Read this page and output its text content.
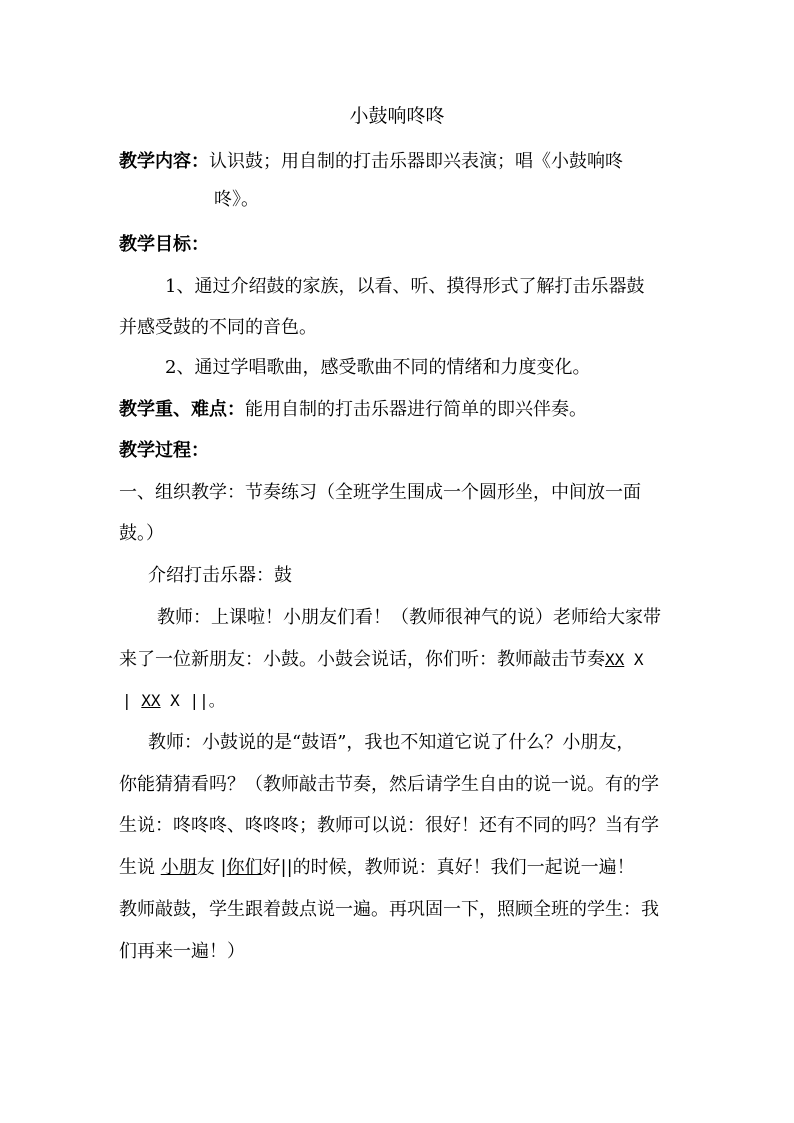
小鼓响咚咚
教学内容：认识鼓；用自制的打击乐器即兴表演；唱《小鼓响咚
咚》。
教学目标：
1、通过介绍鼓的家族，以看、听、摸得形式了解打击乐器鼓
并感受鼓的不同的音色。
2、通过学唱歌曲，感受歌曲不同的情绪和力度变化。
教学重、难点：能用自制的打击乐器进行简单的即兴伴奏。
教学过程：
一、组织教学：节奏练习（全班学生围成一个圆形坐，中间放一面
鼓。）
介绍打击乐器：鼓
教师：上课啦！小朋友们看！（教师很神气的说）老师给大家带
来了一位新朋友：小鼓。小鼓会说话，你们听：教师敲击节奏XX X
| XX X ||。
教师：小鼓说的是“鼓语”，我也不知道它说了什么？小朋友，
你能猜猜看吗？（教师敲击节奏，然后请学生自由的说一说。有的学
生说：咚咚咚、咚咚咚；教师可以说：很好！还有不同的吗？当有学
生说 小朋友 |你们好||的时候，教师说：真好！我们一起说一遍！
教师敲鼓，学生跟着鼓点说一遍。再巩固一下，照顾全班的学生：我
们再来一遍！）
